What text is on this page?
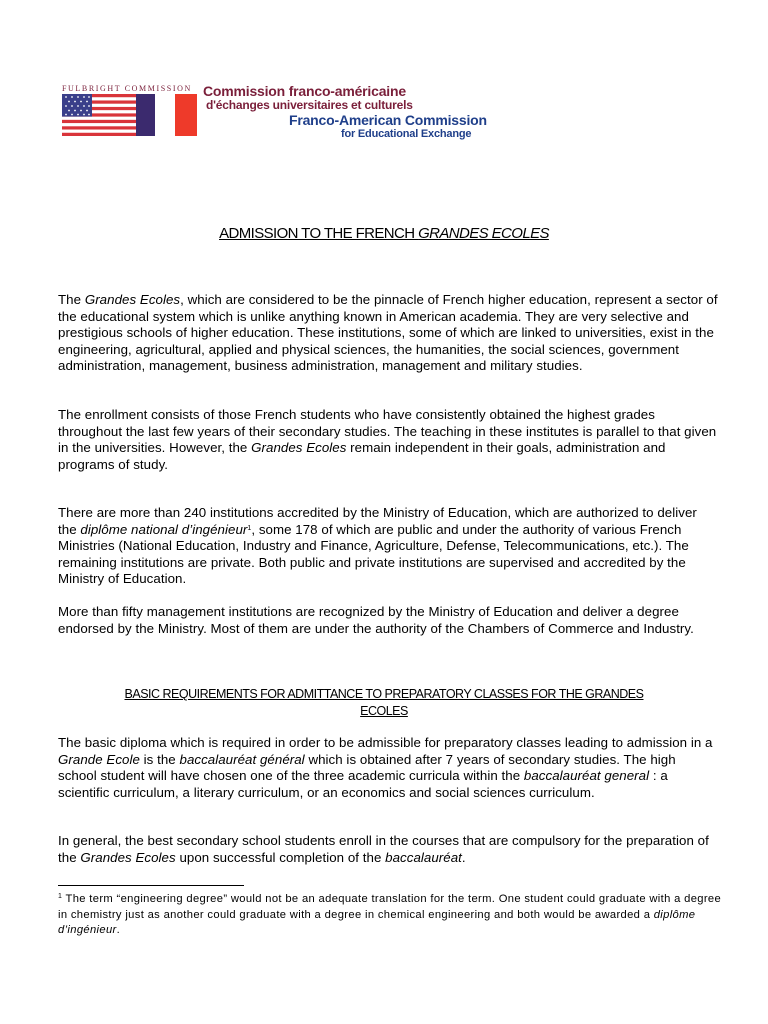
FULBRIGHT COMMISSION Commission franco-américaine
d'échanges universitaires et culturels
Franco-American Commission
for Educational Exchange
ADMISSION TO THE FRENCH GRANDES ECOLES

The Grandes Ecoles, which are considered to be the pinnacle of French higher education, represent a sector of the educational system which is unlike anything known in American academia. They are very selective and prestigious schools of higher education. These institutions, some of which are linked to universities, exist in the engineering, agricultural, applied and physical sciences, the humanities, the social sciences, government administration, management, business administration, management and military studies.

The enrollment consists of those French students who have consistently obtained the highest grades throughout the last few years of their secondary studies. The teaching in these institutes is parallel to that given in the universities. However, the Grandes Ecoles remain independent in their goals, administration and programs of study.

There are more than 240 institutions accredited by the Ministry of Education, which are authorized to deliver the diplôme national d’ingénieur$^1$, some 178 of which are public and under the authority of various French Ministries (National Education, Industry and Finance, Agriculture, Defense, Telecommunications, etc.). The remaining institutions are private. Both public and private institutions are supervised and accredited by the Ministry of Education.

More than fifty management institutions are recognized by the Ministry of Education and deliver a degree endorsed by the Ministry. Most of them are under the authority of the Chambers of Commerce and Industry.

BASIC REQUIREMENTS FOR ADMITTANCE TO PREPARATORY CLASSES FOR THE GRANDES ECOLES

The basic diploma which is required in order to be admissible for preparatory classes leading to admission in a Grande Ecole is the baccalauréat général which is obtained after 7 years of secondary studies. The high school student will have chosen one of the three academic curricula within the baccalauréat general : a scientific curriculum, a literary curriculum, or an economics and social sciences curriculum.

In general, the best secondary school students enroll in the courses that are compulsory for the preparation of the Grandes Ecoles upon successful completion of the baccalauréat.

$^1$ The term “engineering degree” would not be an adequate translation for the term. One student could graduate with a degree in chemistry just as another could graduate with a degree in chemical engineering and both would be awarded a diplôme d’ingénieur.
